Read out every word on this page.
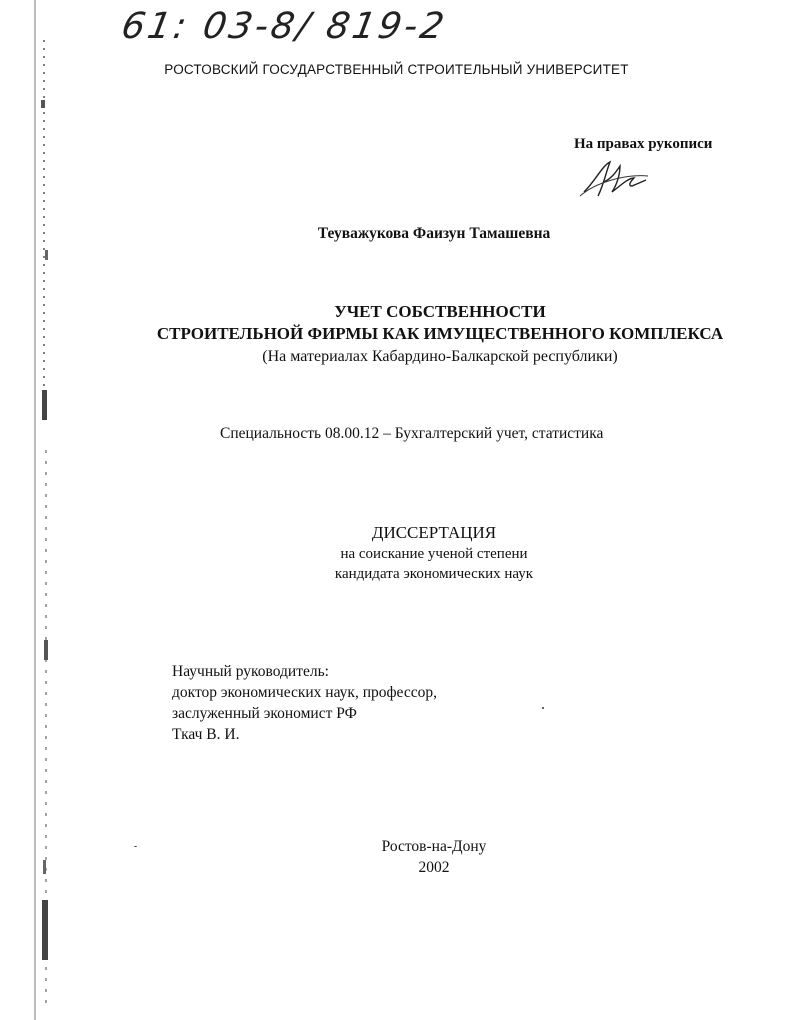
61: 03-8/ 819-2
РОСТОВСКИЙ ГОСУДАРСТВЕННЫЙ СТРОИТЕЛЬНЫЙ УНИВЕРСИТЕТ
На правах рукописи
Теуважукова Фаизун Тамашевна
УЧЕТ СОБСТВЕННОСТИ
СТРОИТЕЛЬНОЙ ФИРМЫ КАК ИМУЩЕСТВЕННОГО КОМПЛЕКСА
(На материалах Кабардино-Балкарской республики)
Специальность 08.00.12 – Бухгалтерский учет, статистика
ДИССЕРТАЦИЯ
на соискание ученой степени
кандидата экономических наук
Научный руководитель:
доктор экономических наук, профессор,
заслуженный экономист РФ
Ткач В. И.
Ростов-на-Дону
2002
